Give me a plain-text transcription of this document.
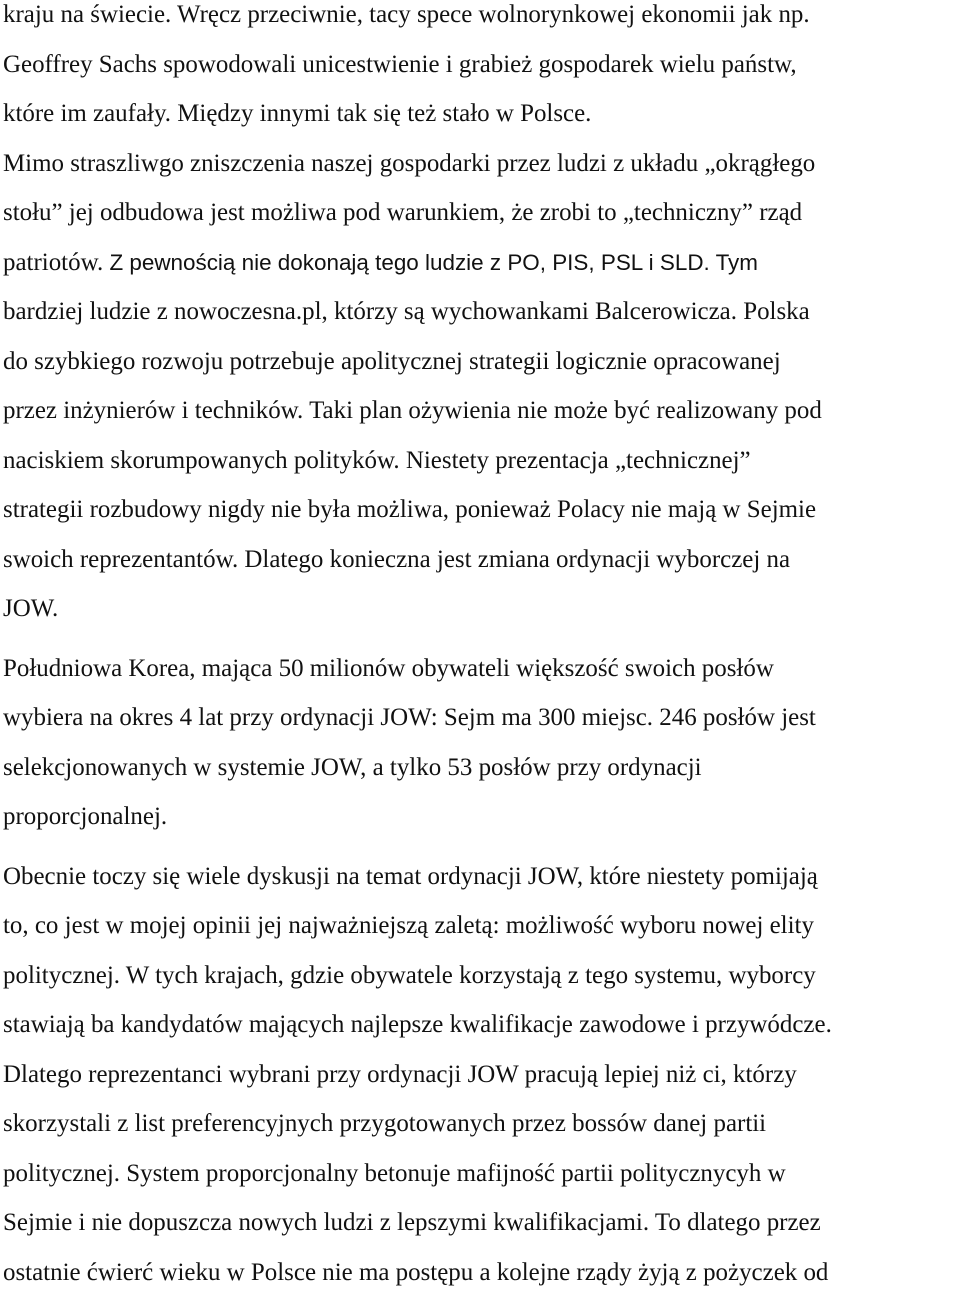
kraju na świecie. Wręcz przeciwnie, tacy spece wolnorynkowej ekonomii jak np.
Geoffrey Sachs spowodowali unicestwienie i grabież gospodarek wielu państw,
które im zaufały. Między innymi tak się też stało w Polsce.
Mimo straszliwgo zniszczenia naszej gospodarki przez ludzi z układu „okrągłego
stołu” jej odbudowa jest możliwa pod warunkiem, że zrobi to „techniczny” rząd
patriotów. Z pewnością nie dokonają tego ludzie z PO, PIS, PSL i SLD. Tym
bardziej ludzie z nowoczesna.pl, którzy są wychowankami Balcerowicza. Polska
do szybkiego rozwoju potrzebuje apolitycznej strategii logicznie opracowanej
przez inżynierów i techników. Taki plan ożywienia nie może być realizowany pod
naciskiem skorumpowanych polityków. Niestety prezentacja „technicznej”
strategii rozbudowy nigdy nie była możliwa, ponieważ Polacy nie mają w Sejmie
swoich reprezentantów. Dlatego konieczna jest zmiana ordynacji wyborczej na
JOW.
Południowa Korea, mająca 50 milionów obywateli większość swoich posłów
wybiera na okres 4 lat przy ordynacji JOW: Sejm ma 300 miejsc. 246 posłów jest
selekcjonowanych w systemie JOW, a tylko 53 posłów przy ordynacji
proporcjonalnej.
Obecnie toczy się wiele dyskusji na temat ordynacji JOW, które niestety pomijają
to, co jest w mojej opinii jej najważniejszą zaletą: możliwość wyboru nowej elity
politycznej. W tych krajach, gdzie obywatele korzystają z tego systemu, wyborcy
stawiają ba kandydatów mających najlepsze kwalifikacje zawodowe i przywódcze.
Dlatego reprezentanci wybrani przy ordynacji JOW pracują lepiej niż ci, którzy
skorzystali z list preferencyjnych przygotowanych przez bossów danej partii
politycznej. System proporcjonalny betonuje mafijność partii politycznycyh w
Sejmie i nie dopuszcza nowych ludzi z lepszymi kwalifikacjami. To dlatego przez
ostatnie ćwierć wieku w Polsce nie ma postępu a kolejne rządy żyją z pożyczek od
